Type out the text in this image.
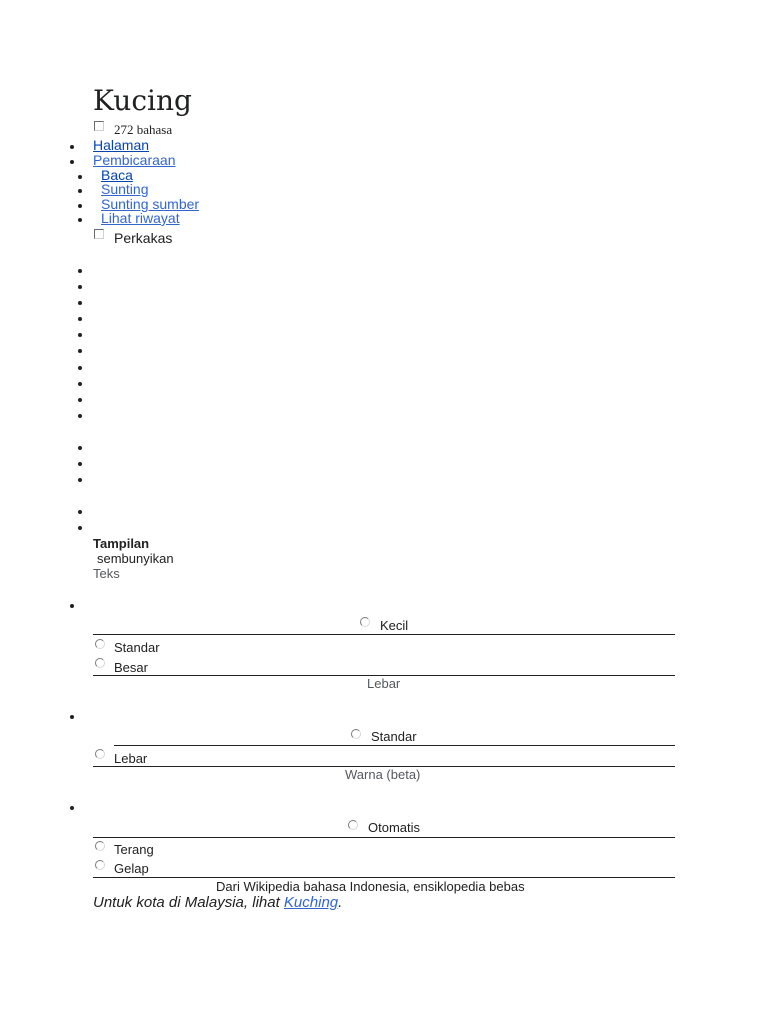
Kucing
272 bahasa
Halaman
Pembicaraan
Baca
Sunting
Sunting sumber
Lihat riwayat
Perkakas
Tampilan
sembunyikan
Teks
Kecil
Standar
Besar
Lebar
Standar
Lebar
Warna (beta)
Otomatis
Terang
Gelap
Dari Wikipedia bahasa Indonesia, ensiklopedia bebas
Untuk kota di Malaysia, lihat Kuching.
